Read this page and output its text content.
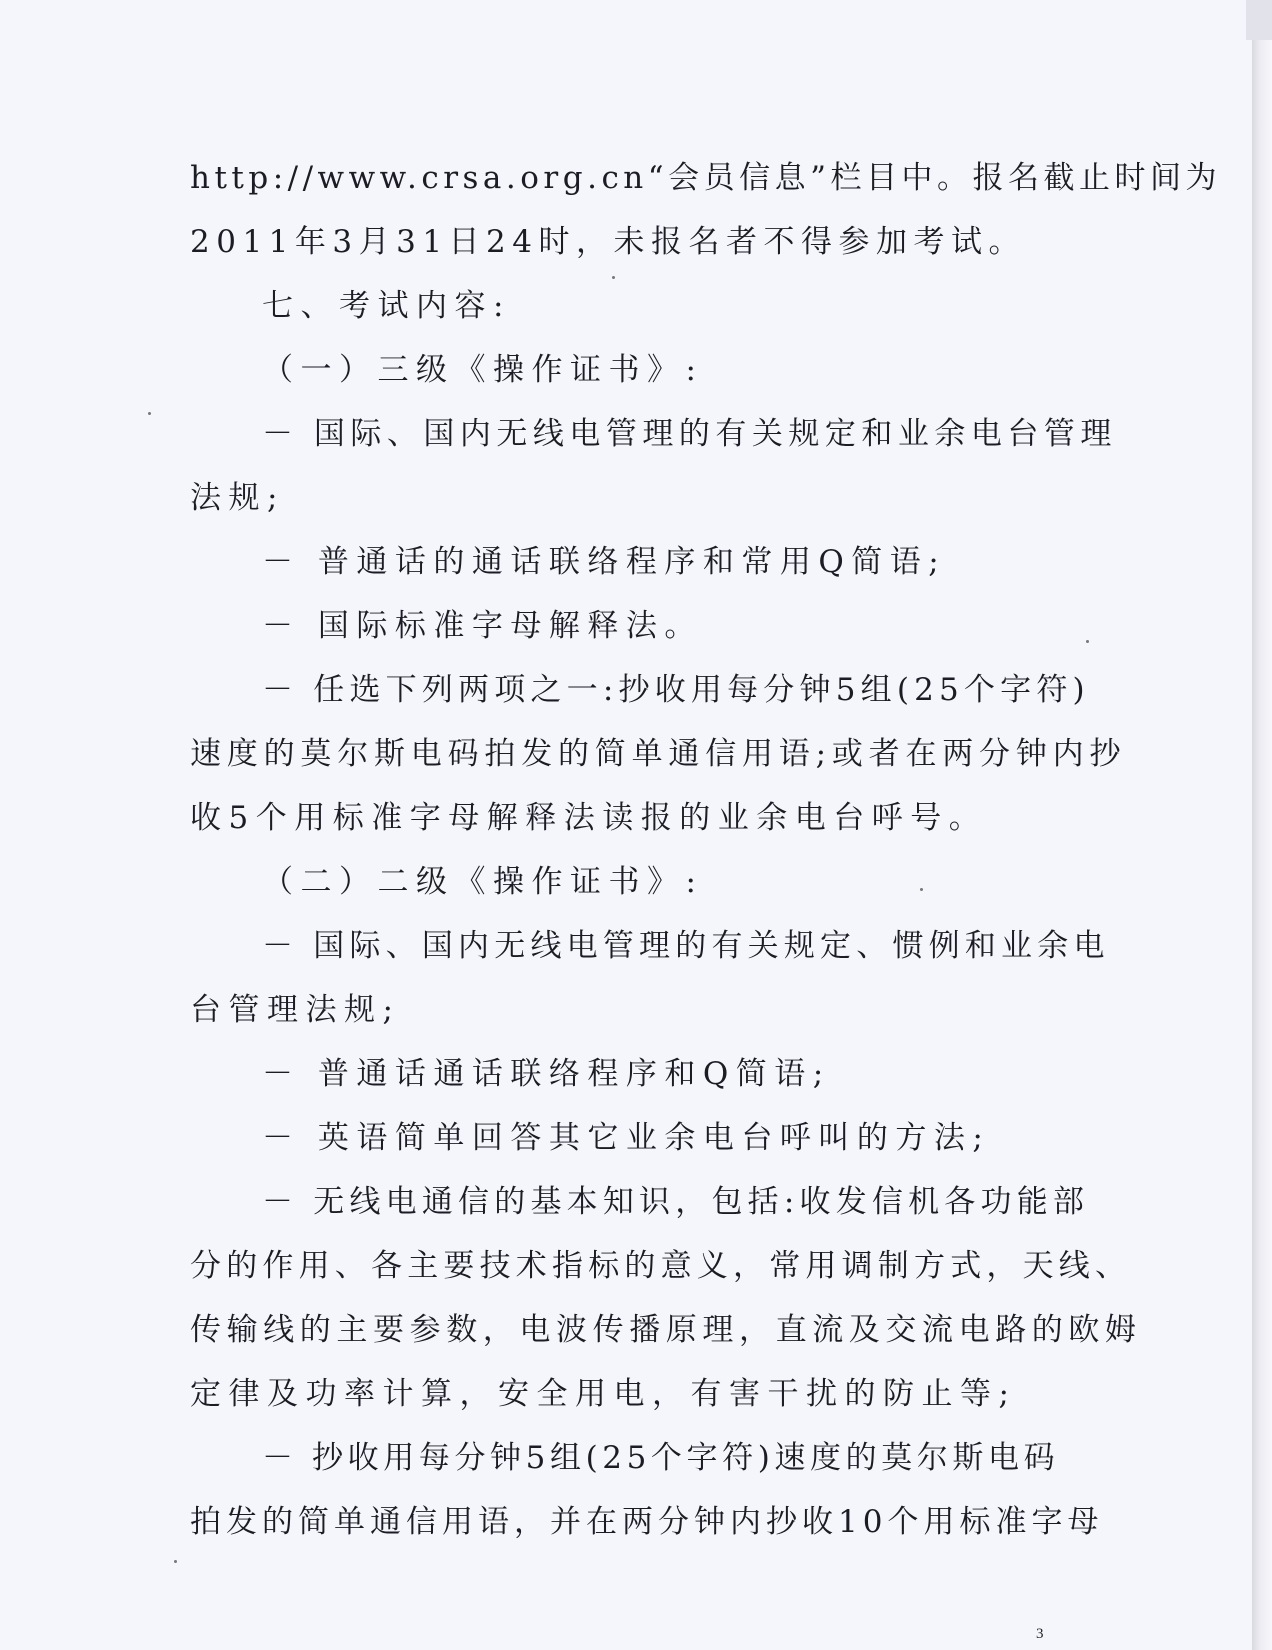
http://www.crsa.org.cn“会员信息”栏目中。报名截止时间为
2011年3月31日24时，未报名者不得参加考试。
七、考试内容:
（一）三级《操作证书》:
－ 国际、国内无线电管理的有关规定和业余电台管理
法规;
－ 普通话的通话联络程序和常用Q简语;
－ 国际标准字母解释法。
－ 任选下列两项之一:抄收用每分钟5组(25个字符)
速度的莫尔斯电码拍发的简单通信用语;或者在两分钟内抄
收5个用标准字母解释法读报的业余电台呼号。
（二）二级《操作证书》:
－ 国际、国内无线电管理的有关规定、惯例和业余电
台管理法规;
－ 普通话通话联络程序和Q简语;
－ 英语简单回答其它业余电台呼叫的方法;
－ 无线电通信的基本知识，包括:收发信机各功能部
分的作用、各主要技术指标的意义，常用调制方式，天线、
传输线的主要参数，电波传播原理，直流及交流电路的欧姆
定律及功率计算，安全用电，有害干扰的防止等;
－ 抄收用每分钟5组(25个字符)速度的莫尔斯电码
拍发的简单通信用语，并在两分钟内抄收10个用标准字母
3
